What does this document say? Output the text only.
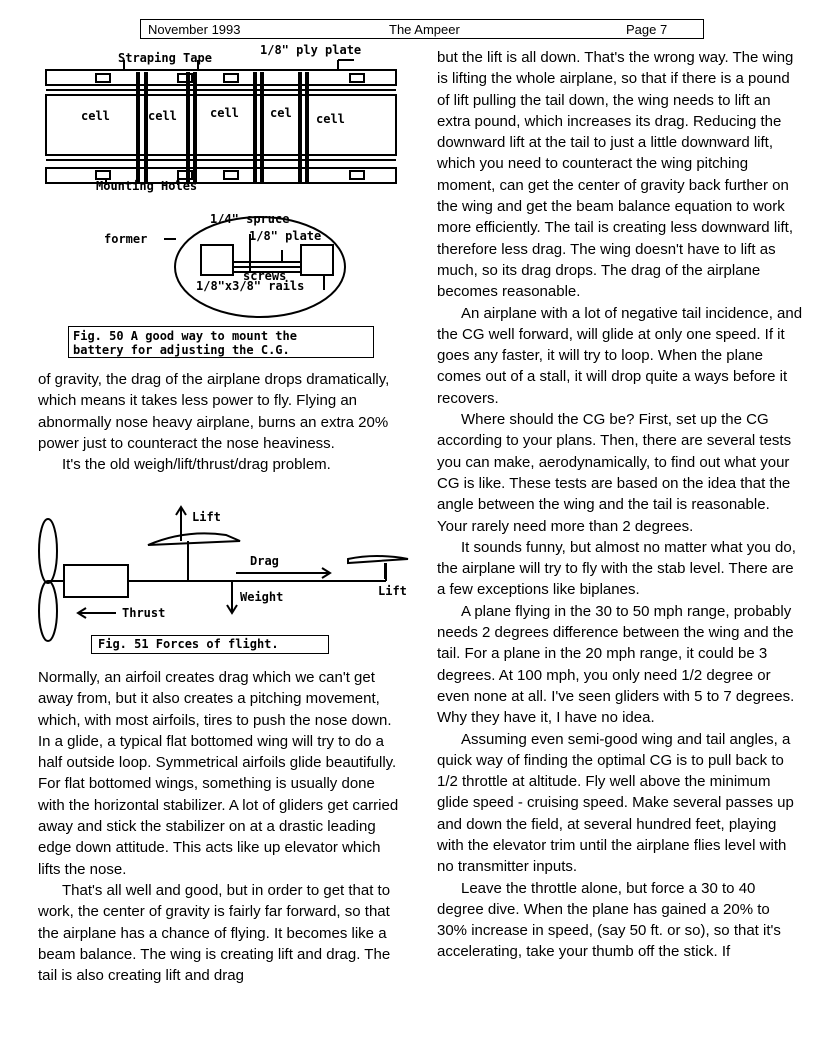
November 1993	The Ampeer	Page 7
Straping Tape
1/8" ply plate
cell	cell	cell	cel cell
Mounting Holes
1/4" spruce
1/8" plate
former
screws
1/8"x3/8" rails
Fig. 50 A good way to mount the
battery for adjusting the C.G.

of gravity, the drag of the airplane drops dramatically, which means it takes less power to fly. Flying an abnormally nose heavy airplane, burns an extra 20% power just to counteract the nose heaviness.

It's the old weigh/lift/thrust/drag problem.

Lift
Drag
Weight	Lift
Thrust
Fig. 51 Forces of flight.

Normally, an airfoil creates drag which we can't get away from, but it also creates a pitching movement, which, with most airfoils, tires to push the nose down. In a glide, a typical flat bottomed wing will try to do a half outside loop. Symmetrical airfoils glide beautifully. For flat bottomed wings, something is usually done with the horizontal stabilizer. A lot of gliders get carried away and stick the stabilizer on at a drastic leading edge down attitude. This acts like up elevator which lifts the nose.

That's all well and good, but in order to get that to work, the center of gravity is fairly far forward, so that the airplane has a chance of flying. It becomes like a beam balance. The wing is creating lift and drag. The tail is also creating lift and drag

but the lift is all down. That's the wrong way. The wing is lifting the whole airplane, so that if there is a pound of lift pulling the tail down, the wing needs to lift an extra pound, which increases its drag. Reducing the downward lift at the tail to just a little downward lift, which you need to counteract the wing pitching moment, can get the center of gravity back further on the wing and get the beam balance equation to work more efficiently. The tail is creating less downward lift, therefore less drag. The wing doesn't have to lift as much, so its drag drops. The drag of the airplane becomes reasonable.

An airplane with a lot of negative tail incidence, and the CG well forward, will glide at only one speed. If it goes any faster, it will try to loop. When the plane comes out of a stall, it will drop quite a ways before it recovers.

Where should the CG be? First, set up the CG according to your plans. Then, there are several tests you can make, aerodynamically, to find out what your CG is like. These tests are based on the idea that the angle between the wing and the tail is reasonable. Your rarely need more than 2 degrees.

It sounds funny, but almost no matter what you do, the airplane will try to fly with the stab level. There are a few exceptions like biplanes.

A plane flying in the 30 to 50 mph range, probably needs 2 degrees difference between the wing and the tail. For a plane in the 20 mph range, it could be 3 degrees. At 100 mph, you only need 1/2 degree or even none at all. I've seen gliders with 5 to 7 degrees. Why they have it, I have no idea.

Assuming even semi-good wing and tail angles, a quick way of finding the optimal CG is to pull back to 1/2 throttle at altitude. Fly well above the minimum glide speed - cruising speed. Make several passes up and down the field, at several hundred feet, playing with the elevator trim until the airplane flies level with no transmitter inputs.

Leave the throttle alone, but force a 30 to 40 degree dive. When the plane has gained a 20% to 30% increase in speed, (say 50 ft. or so), so that it's accelerating, take your thumb off the stick. If
